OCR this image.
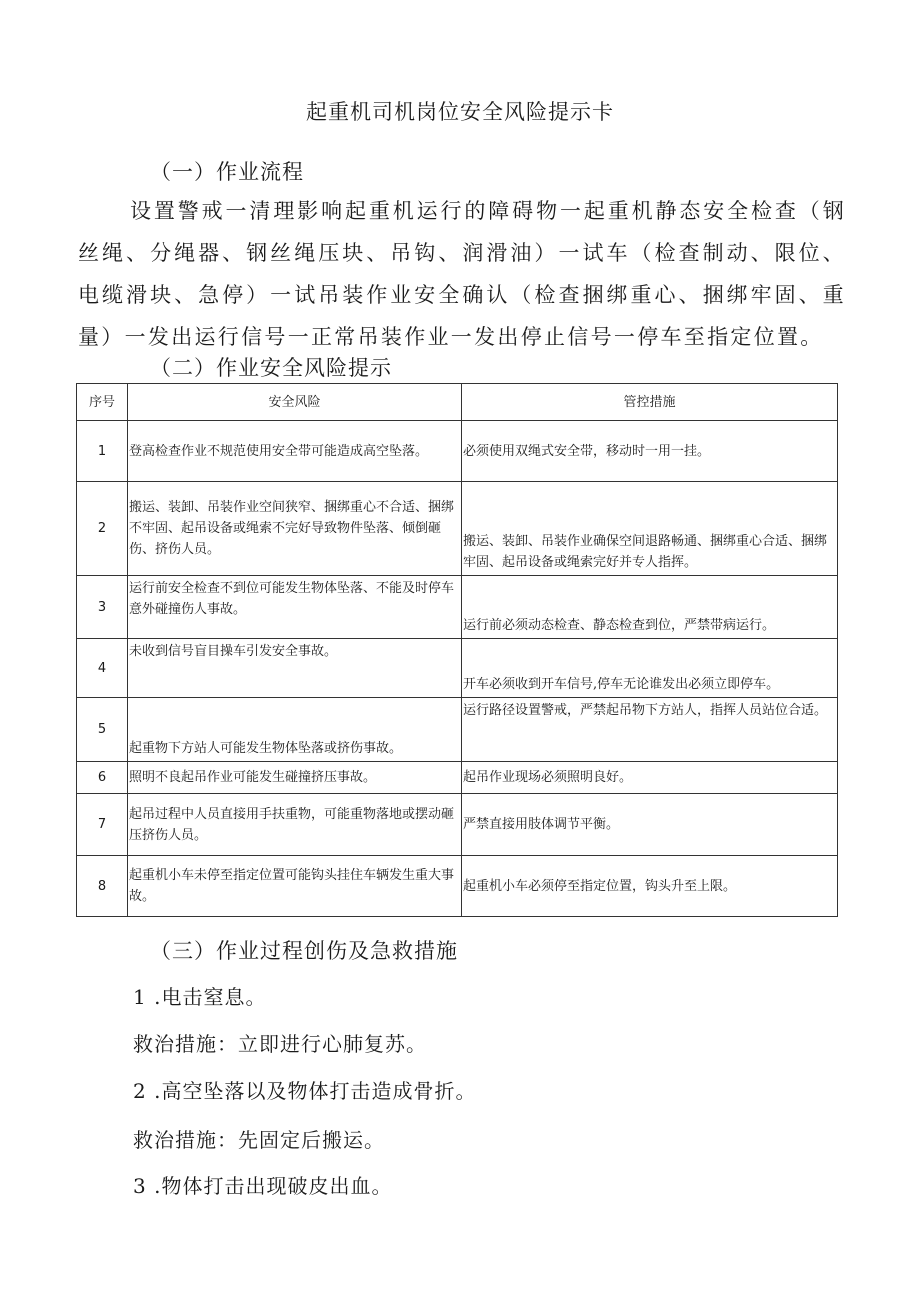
起重机司机岗位安全风险提示卡
（一）作业流程
设置警戒一清理影响起重机运行的障碍物一起重机静态安全检查（钢丝绳、分绳器、钢丝绳压块、吊钩、润滑油）一试车（检查制动、限位、电缆滑块、急停）一试吊装作业安全确认（检查捆绑重心、捆绑牢固、重量）一发出运行信号一正常吊装作业一发出停止信号一停车至指定位置。
（二）作业安全风险提示
序号	安全风险	管控措施
1	登高检查作业不规范使用安全带可能造成高空坠落。	必须使用双绳式安全带，移动时一用一挂。
2	搬运、装卸、吊装作业空间狭窄、捆绑重心不合适、捆绑不牢固、起吊设备或绳索不完好导致物件坠落、倾倒砸伤、挤伤人员。	搬运、装卸、吊装作业确保空间退路畅通、捆绑重心合适、捆绑牢固、起吊设备或绳索完好并专人指挥。
3	运行前安全检查不到位可能发生物体坠落、不能及时停车意外碰撞伤人事故。	运行前必须动态检查、静态检查到位，严禁带病运行。
4	未收到信号盲目操车引发安全事故。	开车必须收到开车信号,停车无论谁发出必须立即停车。
5	起重物下方站人可能发生物体坠落或挤伤事故。	运行路径设置警戒，严禁起吊物下方站人，指挥人员站位合适。
6	照明不良起吊作业可能发生碰撞挤压事故。	起吊作业现场必须照明良好。
7	起吊过程中人员直接用手扶重物，可能重物落地或摆动砸压挤伤人员。	严禁直接用肢体调节平衡。
8	起重机小车未停至指定位置可能钩头挂住车辆发生重大事故。	起重机小车必须停至指定位置，钩头升至上限。
（三）作业过程创伤及急救措施
1 .电击窒息。
救治措施：立即进行心肺复苏。
2 .高空坠落以及物体打击造成骨折。
救治措施：先固定后搬运。
3 .物体打击出现破皮出血。
